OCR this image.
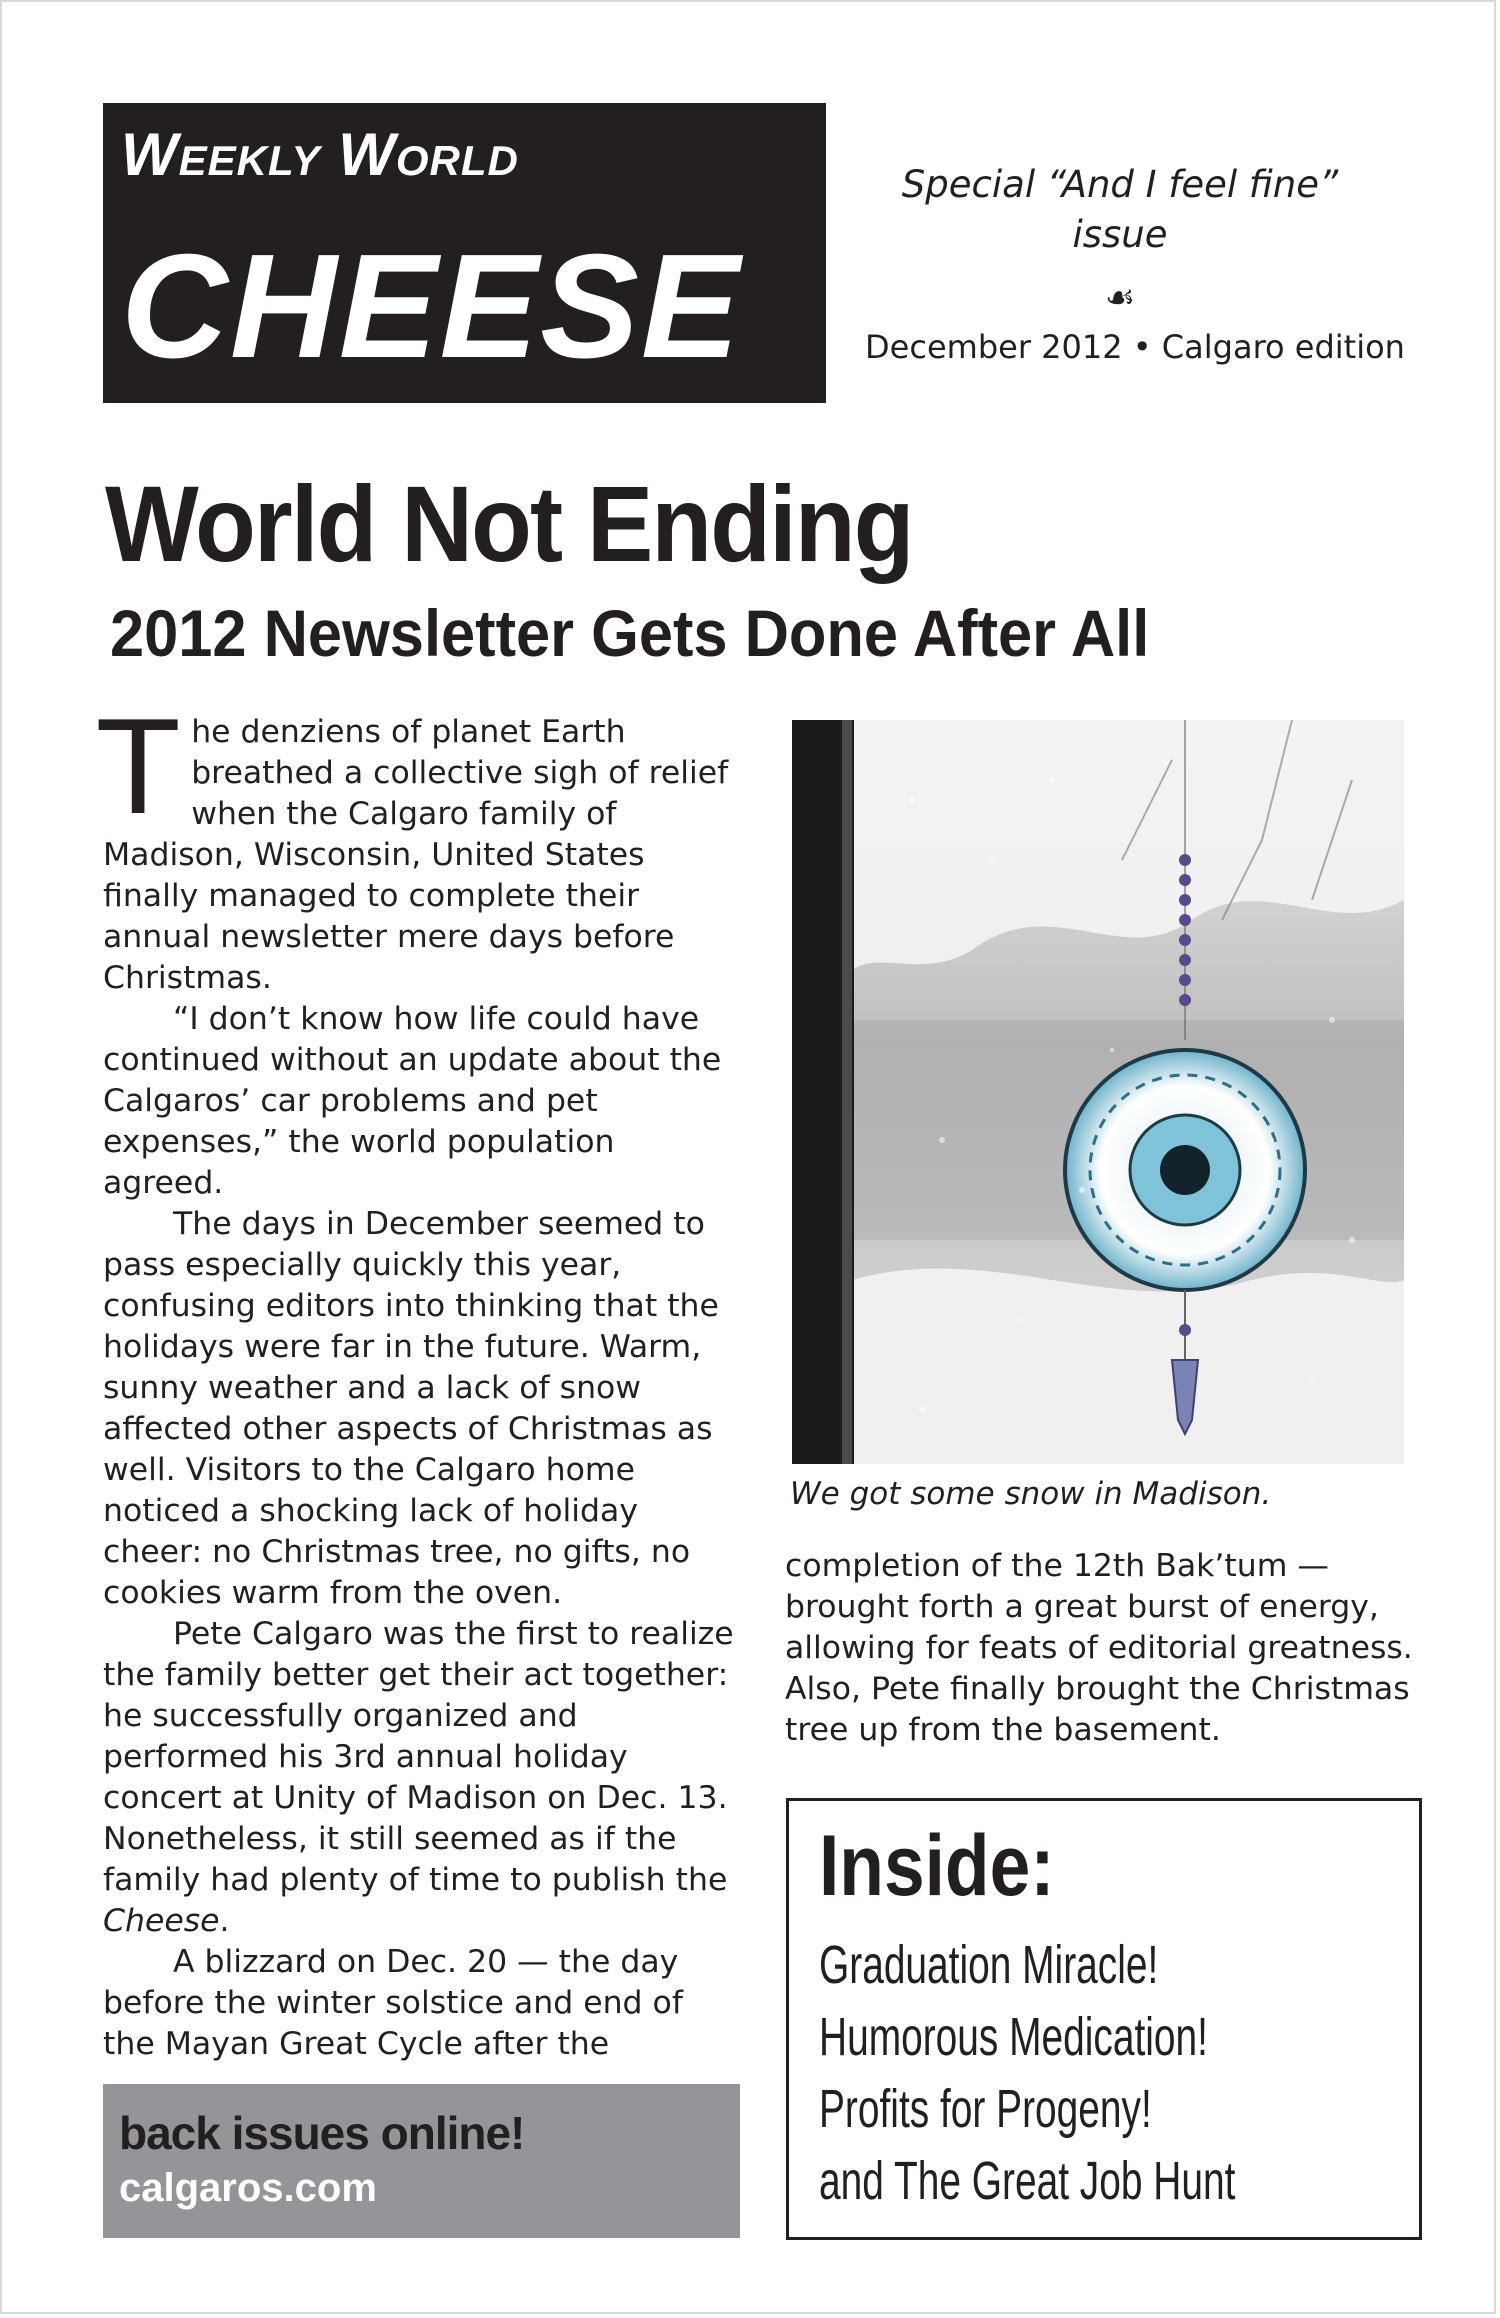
Weekly World
CHEESE
Special “And I feel fine” issue
☙
December 2012 • Calgaro edition
World Not Ending
2012 Newsletter Gets Done After All

The denziens of planet Earth breathed a collective sigh of relief when the Calgaro family of Madison, Wisconsin, United States finally managed to complete their annual newsletter mere days before Christmas.

“I don’t know how life could have continued without an update about the Calgaros’ car problems and pet expenses,” the world population agreed.

The days in December seemed to pass especially quickly this year, confusing editors into thinking that the holidays were far in the future. Warm, sunny weather and a lack of snow affected other aspects of Christmas as well. Visitors to the Calgaro home noticed a shocking lack of holiday cheer: no Christmas tree, no gifts, no cookies warm from the oven.

Pete Calgaro was the first to realize the family better get their act together: he successfully organized and performed his 3rd annual holiday concert at Unity of Madison on Dec. 13. Nonetheless, it still seemed as if the family had plenty of time to publish the Cheese.

A blizzard on Dec. 20 — the day before the winter solstice and end of the Mayan Great Cycle after the

We got some snow in Madison.

completion of the 12th Bak’tum — brought forth a great burst of energy, allowing for feats of editorial greatness. Also, Pete finally brought the Christmas tree up from the basement.

back issues online!
calgaros.com
Inside:
Graduation Miracle!
Humorous Medication!
Profits for Progeny!
and The Great Job Hunt
